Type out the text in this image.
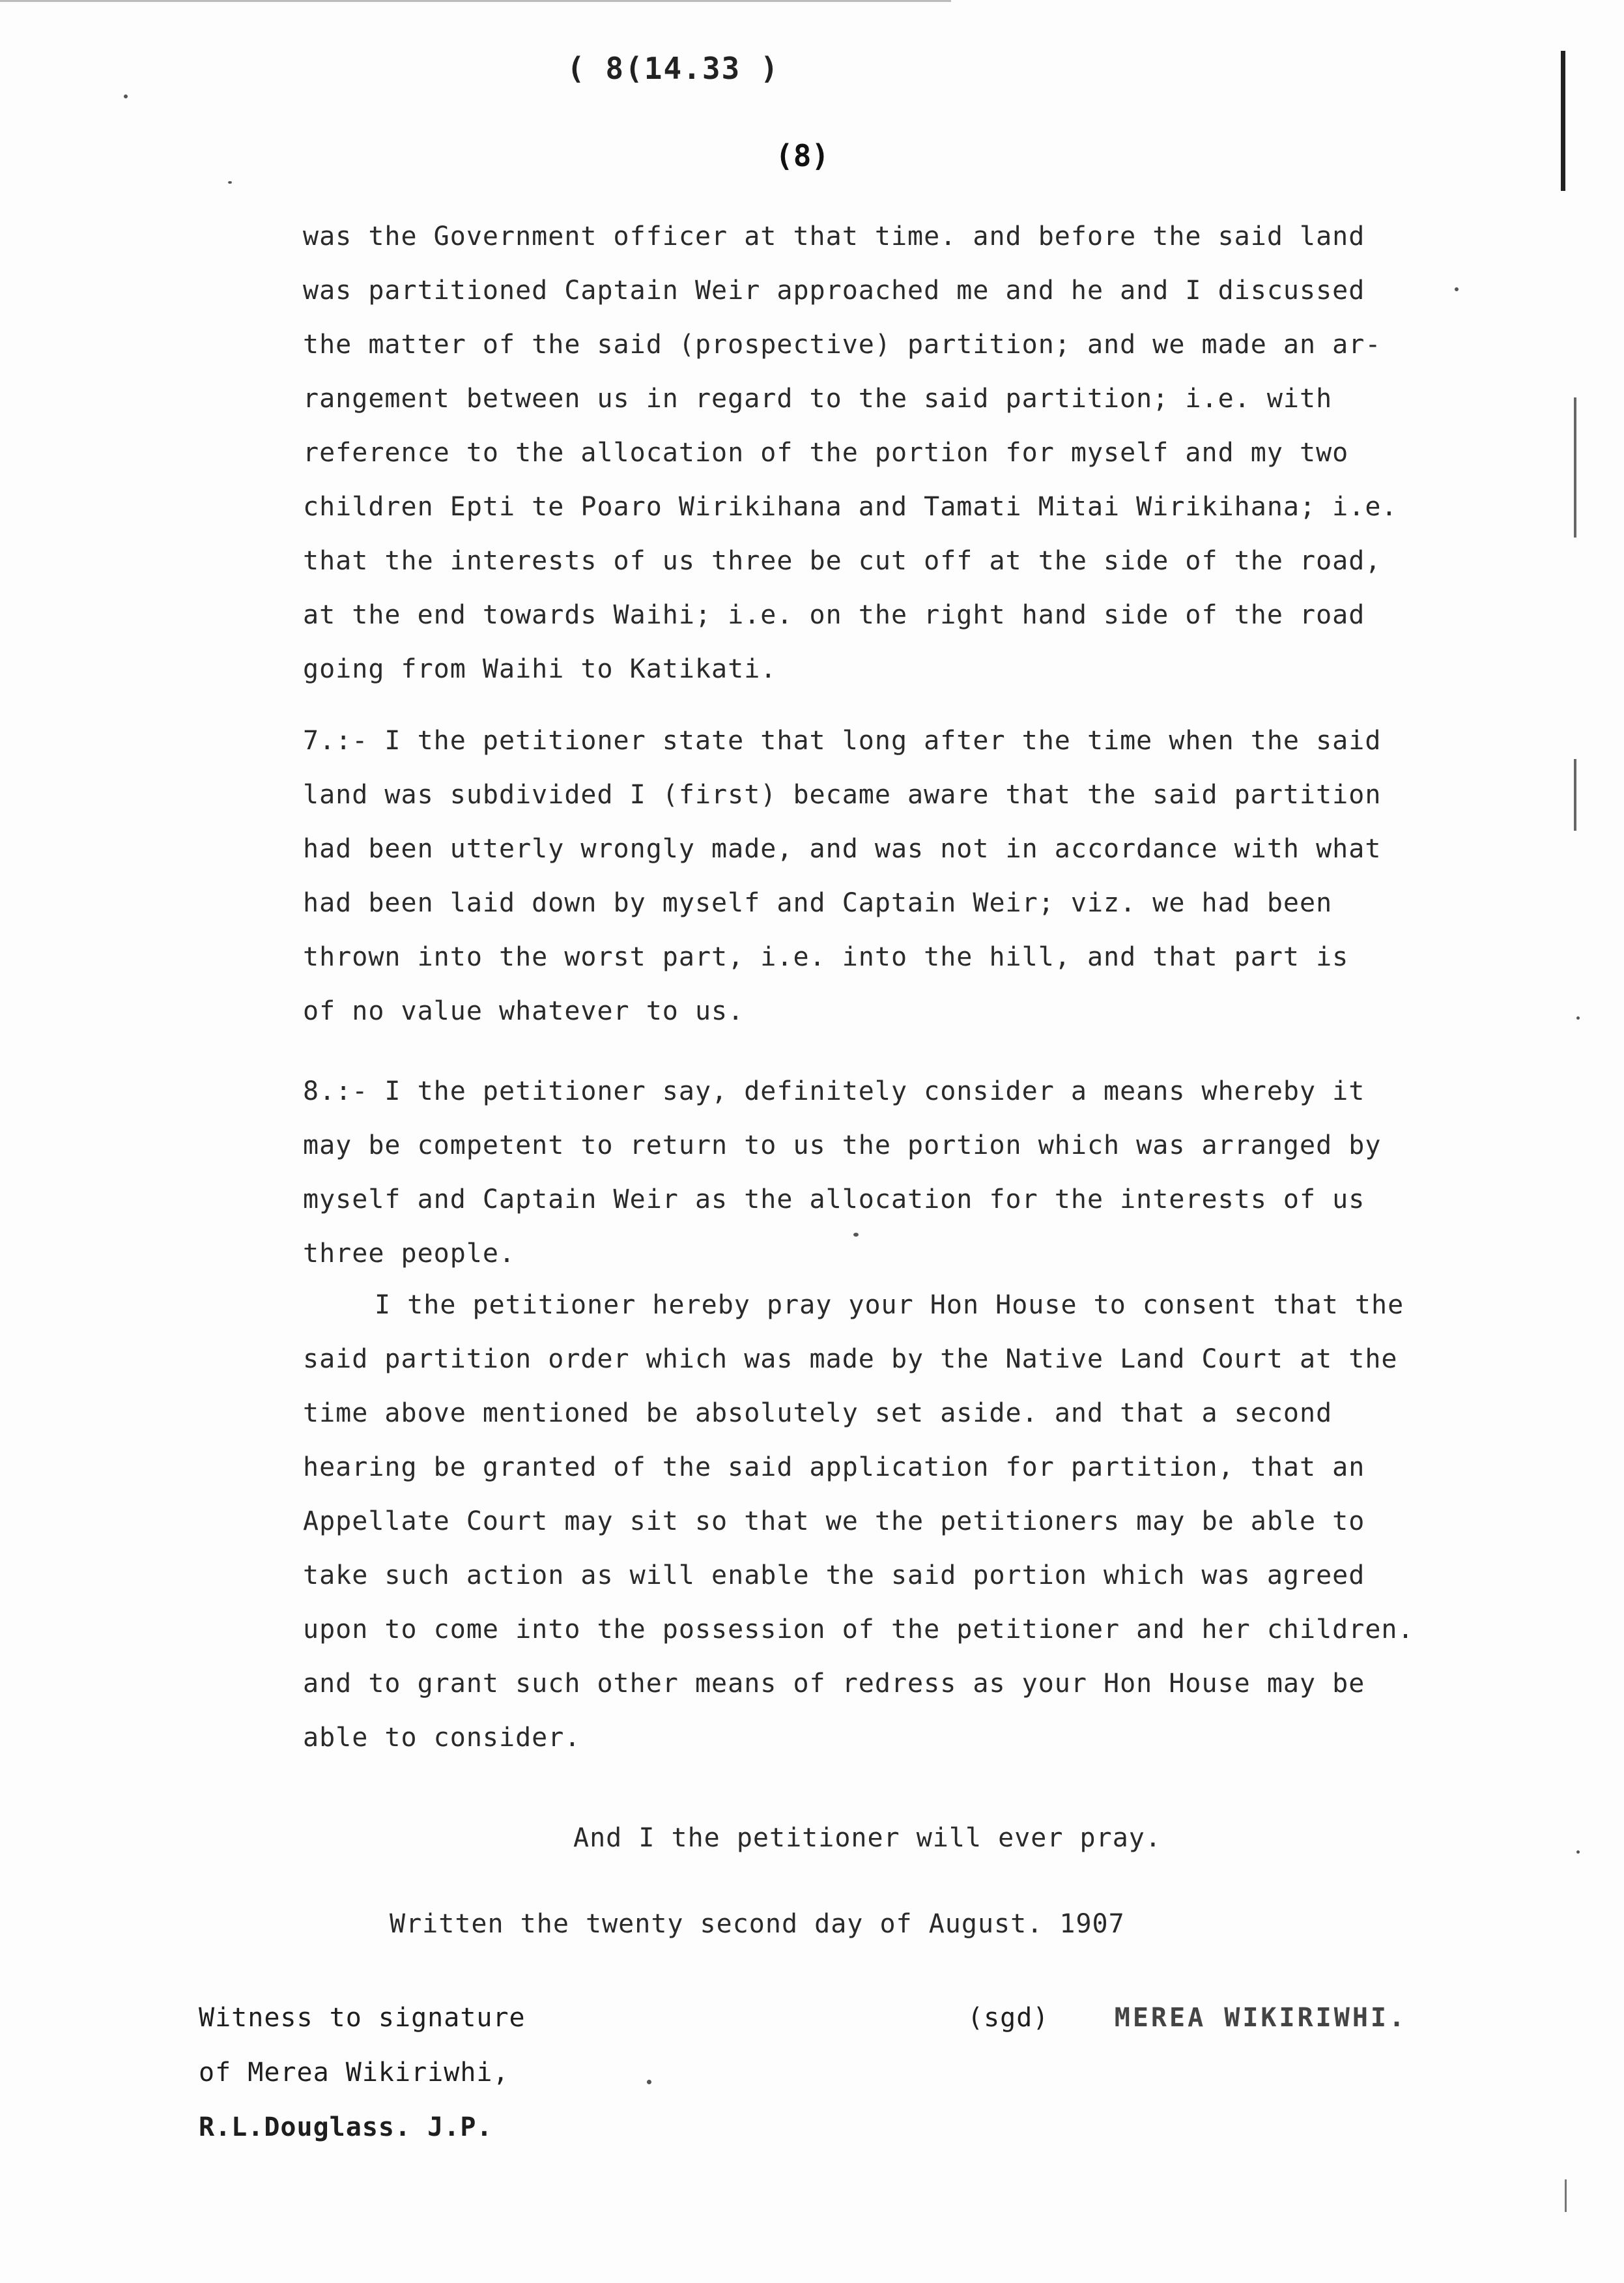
( 8(14.33 )
(8)
was the Government officer at that time. and before the said land
was partitioned Captain Weir approached me and he and I discussed
the matter of the said (prospective) partition; and we made an ar-
rangement between us in regard to the said partition; i.e. with
reference to the allocation of the portion for myself and my two
children Epti te Poaro Wirikihana and Tamati Mitai Wirikihana; i.e.
that the interests of us three be cut off at the side of the road,
at the end towards Waihi; i.e. on the right hand side of the road
going from Waihi to Katikati.
7.:- I the petitioner state that long after the time when the said
land was subdivided I (first) became aware that the said partition
had been utterly wrongly made, and was not in accordance with what
had been laid down by myself and Captain Weir; viz. we had been
thrown into the worst part, i.e. into the hill, and that part is
of no value whatever to us.
8.:- I the petitioner say, definitely consider a means whereby it
may be competent to return to us the portion which was arranged by
myself and Captain Weir as the allocation for the interests of us
three people.
I the petitioner hereby pray your Hon House to consent that the
said partition order which was made by the Native Land Court at the
time above mentioned be absolutely set aside. and that a second
hearing be granted of the said application for partition, that an
Appellate Court may sit so that we the petitioners may be able to
take such action as will enable the said portion which was agreed
upon to come into the possession of the petitioner and her children.
and to grant such other means of redress as your Hon House may be
able to consider.
And I the petitioner will ever pray.
Written the twenty second day of August. 1907
Witness to signature
of Merea Wikiriwhi,
R.L.Douglass. J.P.
(sgd)	MEREA WIKIRIWHI.
